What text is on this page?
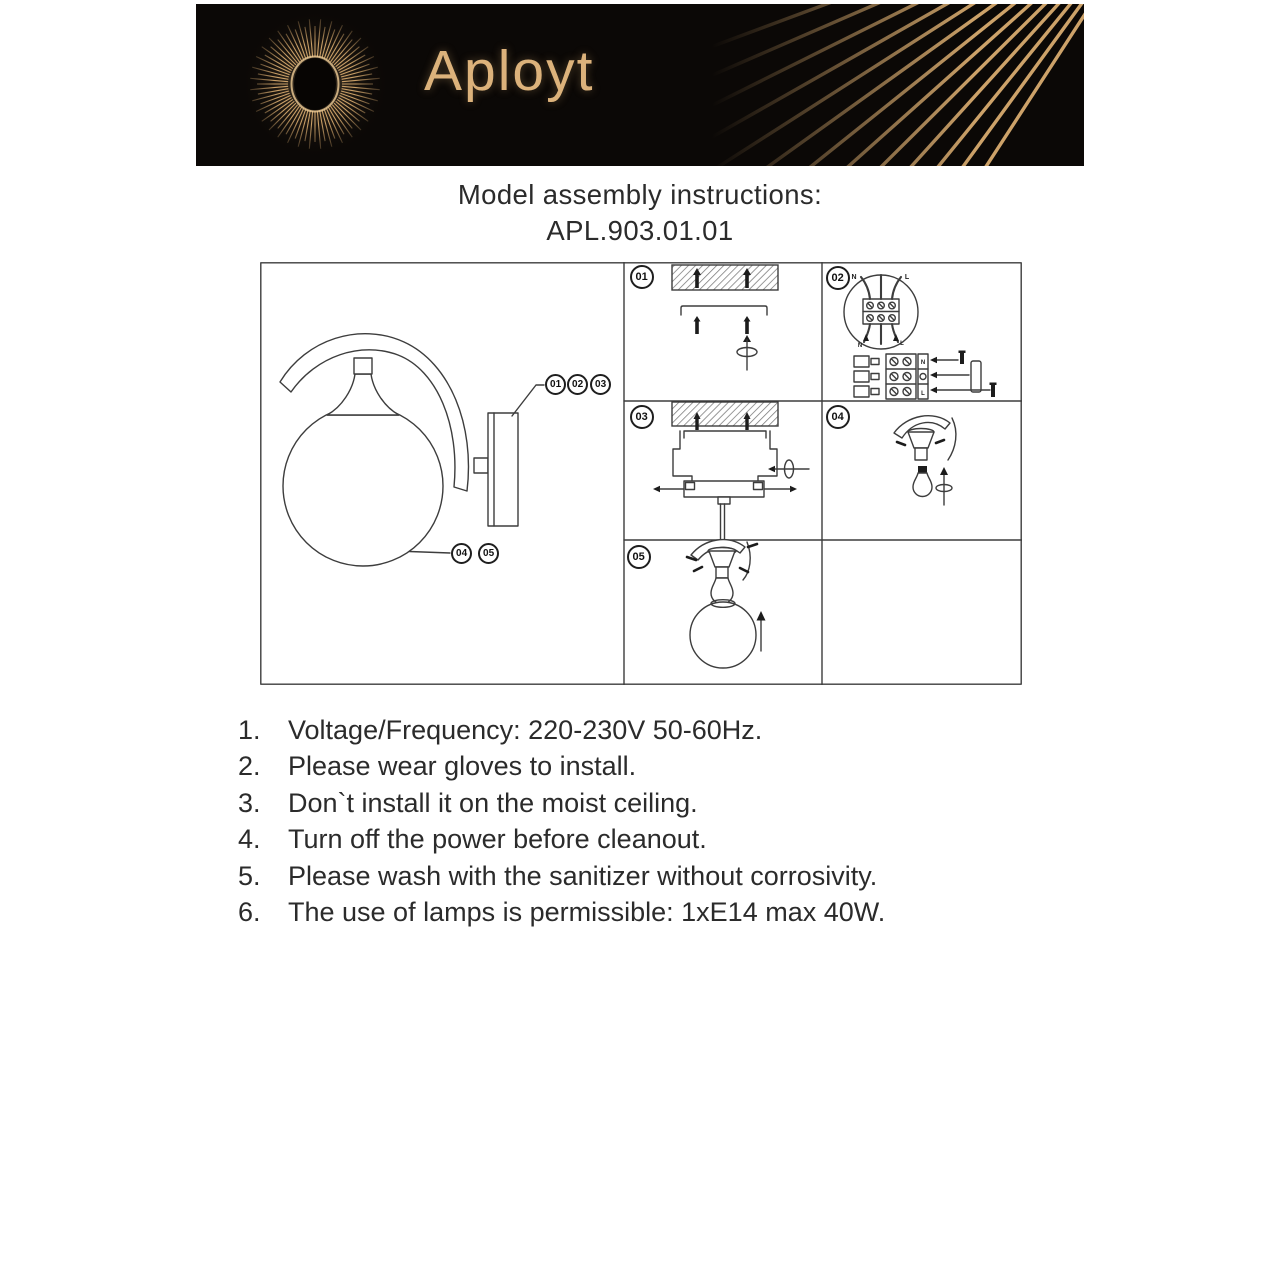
Aployt
Model assembly instructions:
APL.903.01.01
N	L
N	L
N
L
01	02	03
04	05
01	02
03	04
05
1.	Voltage/Frequency: 220-230V 50-60Hz.
2.	Please wear gloves to install.
3.	Don`t install it on the moist ceiling.
4.	Turn off the power before cleanout.
5.	Please wash with the sanitizer without corrosivity.
6.	The use of lamps is permissible: 1xE14 max 40W.
